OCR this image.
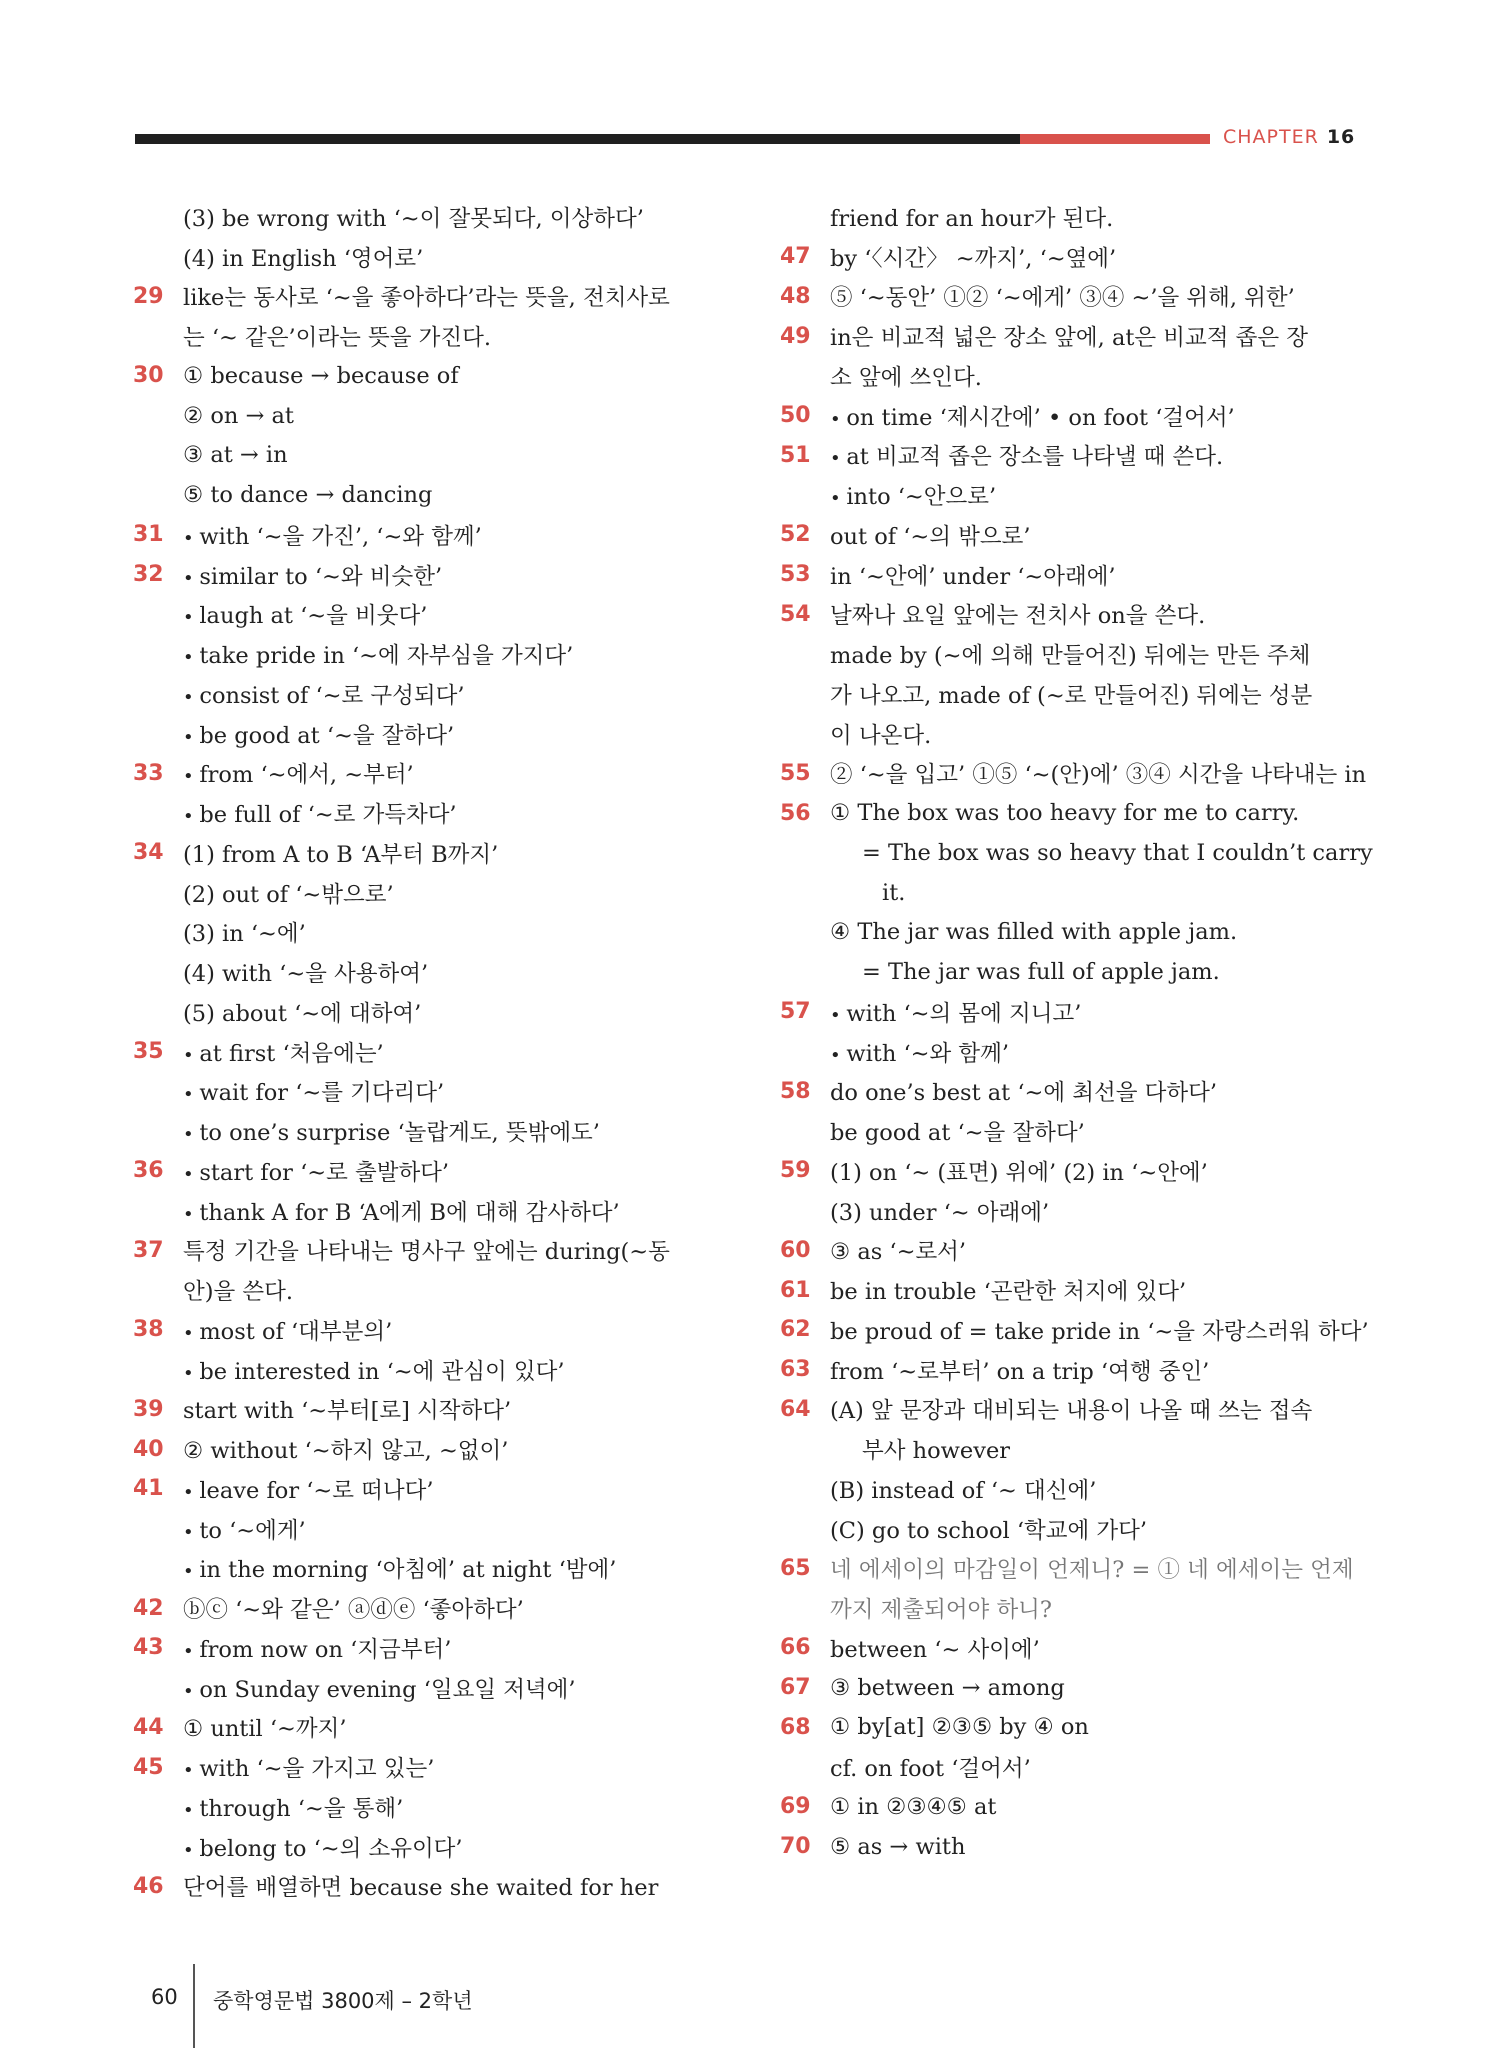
CHAPTER 16
(3) be wrong with ‘~이 잘못되다, 이상하다’
(4) in English ‘영어로’
29 like는 동사로 ‘~을 좋아하다’라는 뜻을, 전치사로
는 ‘~ 같은’이라는 뜻을 가진다.
30 ① because → because of
② on → at
③ at → in
⑤ to dance → dancing
31	• with ‘~을 가진’, ‘~와 함께’
32	• similar to ‘~와 비슷한’
• laugh at ‘~을 비웃다’
• take pride in ‘~에 자부심을 가지다’
• consist of ‘~로 구성되다’
• be good at ‘~을 잘하다’
33	• from ‘~에서, ~부터’
• be full of ‘~로 가득차다’
34 (1) from A to B ‘A부터 B까지’
(2) out of ‘~밖으로’
(3) in ‘~에’
(4) with ‘~을 사용하여’
(5) about ‘~에 대하여’
35	• at first ‘처음에는’
• wait for ‘~를 기다리다’
• to one’s surprise ‘놀랍게도, 뜻밖에도’
36	• start for ‘~로 출발하다’
• thank A for B ‘A에게 B에 대해 감사하다’
37 특정 기간을 나타내는 명사구 앞에는 during(~동
안)을 쓴다.
38	• most of ‘대부분의’
• be interested in ‘~에 관심이 있다’
39 start with ‘~부터[로] 시작하다’
40 ② without ‘~하지 않고, ~없이’
41	• leave for ‘~로 떠나다’
• to ‘~에게’
• in the morning ‘아침에’ at night ‘밤에’
42 ⓑⓒ ‘~와 같은’ ⓐⓓⓔ ‘좋아하다’
43	• from now on ‘지금부터’
• on Sunday evening ‘일요일 저녁에’
44 ① until ‘~까지’
45	• with ‘~을 가지고 있는’
• through ‘~을 통해’
• belong to ‘~의 소유이다’
46 단어를 배열하면 because she waited for her
friend for an hour가 된다.
47 by ‘〈시간〉 ~까지’, ‘~옆에’
48 ⑤ ‘~동안’ ①② ‘~에게’ ③④ ~’을 위해, 위한’
49 in은 비교적 넓은 장소 앞에, at은 비교적 좁은 장
소 앞에 쓰인다.
50	• on time ‘제시간에’ • on foot ‘걸어서’
51	• at 비교적 좁은 장소를 나타낼 때 쓴다.
• into ‘~안으로’
52 out of ‘~의 밖으로’
53 in ‘~안에’ under ‘~아래에’
54 날짜나 요일 앞에는 전치사 on을 쓴다.
made by (~에 의해 만들어진) 뒤에는 만든 주체
가 나오고, made of (~로 만들어진) 뒤에는 성분
이 나온다.
55 ② ‘~을 입고’ ①⑤ ‘~(안)에’ ③④ 시간을 나타내는 in
56 ① The box was too heavy for me to carry.
= The box was so heavy that I couldn’t carry
it.
④ The jar was filled with apple jam.
= The jar was full of apple jam.
57	• with ‘~의 몸에 지니고’
• with ‘~와 함께’
58 do one’s best at ‘~에 최선을 다하다’
be good at ‘~을 잘하다’
59 (1) on ‘~ (표면) 위에’ (2) in ‘~안에’
(3) under ‘~ 아래에’
60 ③ as ‘~로서’
61 be in trouble ‘곤란한 처지에 있다’
62 be proud of = take pride in ‘~을 자랑스러워 하다’
63 from ‘~로부터’ on a trip ‘여행 중인’
64 (A) 앞 문장과 대비되는 내용이 나올 때 쓰는 접속
부사 however
(B) instead of ‘~ 대신에’
(C) go to school ‘학교에 가다’
65 네 에세이의 마감일이 언제니? = ① 네 에세이는 언제
까지 제출되어야 하니?
66 between ‘~ 사이에’
67 ③ between → among
68 ① by[at] ②③⑤ by ④ on
cf. on foot ‘걸어서’
69 ① in ②③④⑤ at
70 ⑤ as → with
60 중학영문법 3800제 – 2학년
